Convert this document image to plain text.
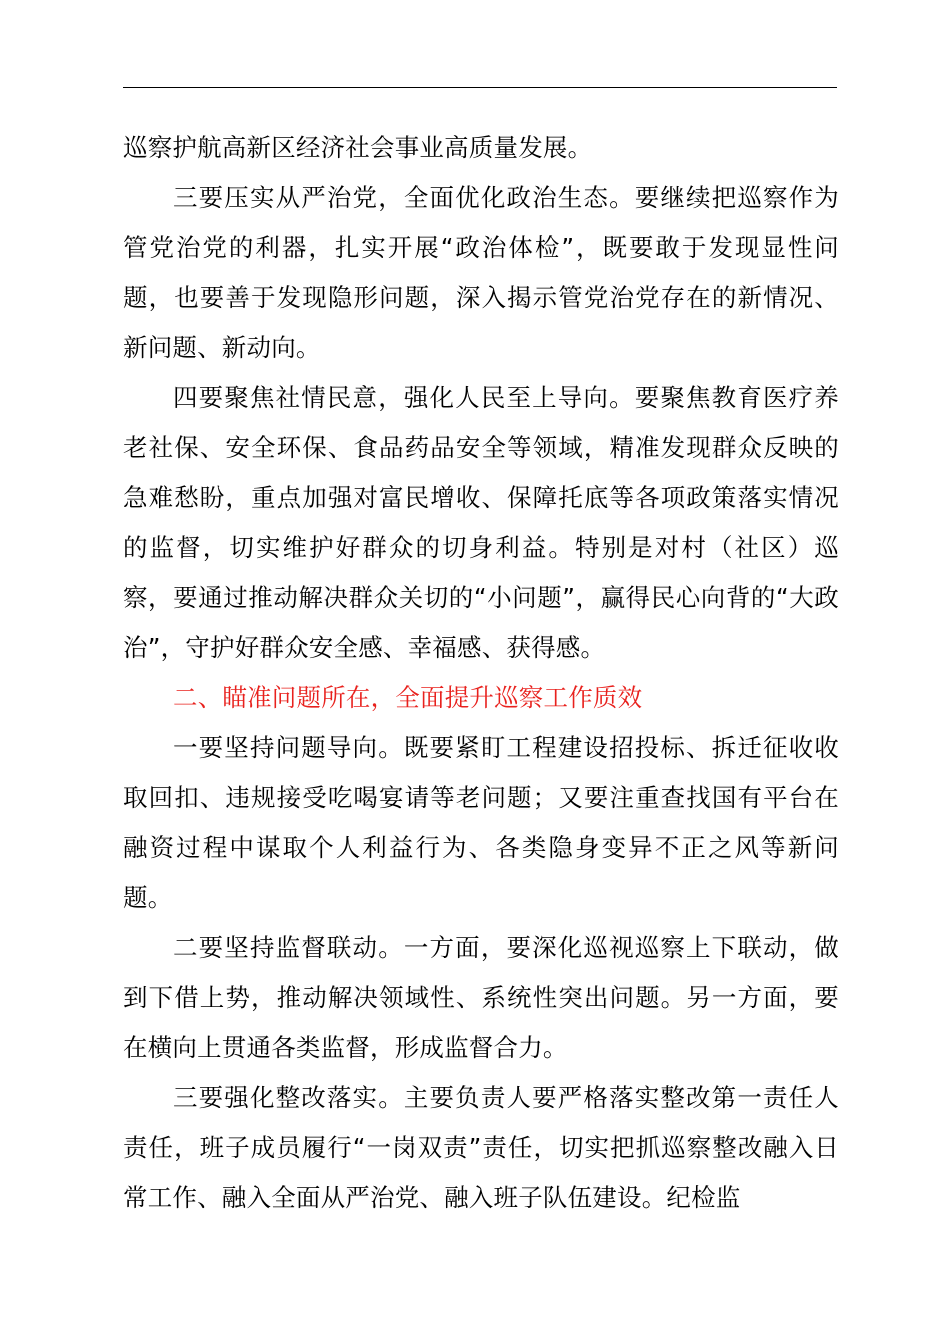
巡察护航高新区经济社会事业高质量发展。

三要压实从严治党，全面优化政治生态。要继续把巡察作为管党治党的利器，扎实开展“政治体检”，既要敢于发现显性问题，也要善于发现隐形问题，深入揭示管党治党存在的新情况、新问题、新动向。

四要聚焦社情民意，强化人民至上导向。要聚焦教育医疗养老社保、安全环保、食品药品安全等领域，精准发现群众反映的急难愁盼，重点加强对富民增收、保障托底等各项政策落实情况的监督，切实维护好群众的切身利益。特别是对村（社区）巡察，要通过推动解决群众关切的“小问题”，赢得民心向背的“大政治”，守护好群众安全感、幸福感、获得感。

二、瞄准问题所在，全面提升巡察工作质效

一要坚持问题导向。既要紧盯工程建设招投标、拆迁征收收取回扣、违规接受吃喝宴请等老问题；又要注重查找国有平台在融资过程中谋取个人利益行为、各类隐身变异不正之风等新问题。

二要坚持监督联动。一方面，要深化巡视巡察上下联动，做到下借上势，推动解决领域性、系统性突出问题。另一方面，要在横向上贯通各类监督，形成监督合力。

三要强化整改落实。主要负责人要严格落实整改第一责任人责任，班子成员履行“一岗双责”责任，切实把抓巡察整改融入日常工作、融入全面从严治党、融入班子队伍建设。纪检监
